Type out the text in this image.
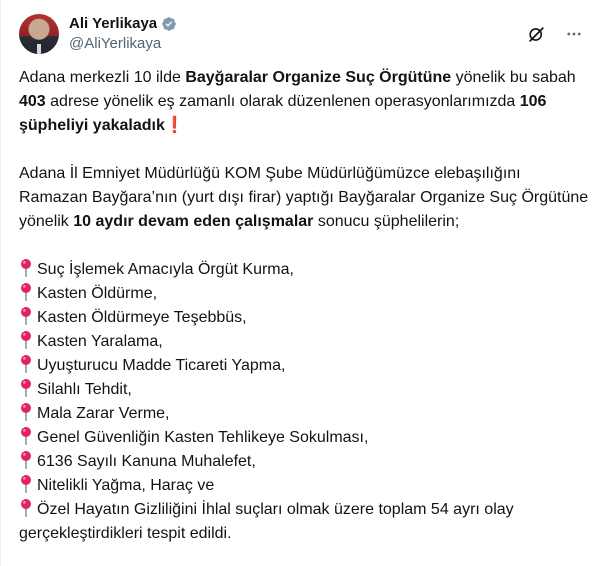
Ali Yerlikaya
@AliYerlikaya

Adana merkezli 10 ilde Bayğaralar Organize Suç Örgütüne yönelik bu sabah 403 adrese yönelik eş zamanlı olarak düzenlenen operasyonlarımızda 106 şüpheliyi yakaladık❗

Adana İl Emniyet Müdürlüğü KOM Şube Müdürlüğümüzce elebaşılığını Ramazan Bayğara’nın (yurt dışı firar) yaptığı Bayğaralar Organize Suç Örgütüne yönelik 10 aydır devam eden çalışmalar sonucu şüphelilerin;

Suç İşlemek Amacıyla Örgüt Kurma,
Kasten Öldürme,
Kasten Öldürmeye Teşebbüs,
Kasten Yaralama,
Uyuşturucu Madde Ticareti Yapma,
Silahlı Tehdit,
Mala Zarar Verme,
Genel Güvenliğin Kasten Tehlikeye Sokulması,
6136 Sayılı Kanuna Muhalefet,
Nitelikli Yağma, Haraç ve
Özel Hayatın Gizliliğini İhlal suçları olmak üzere toplam 54 ayrı olay gerçekleştirdikleri tespit edildi.
